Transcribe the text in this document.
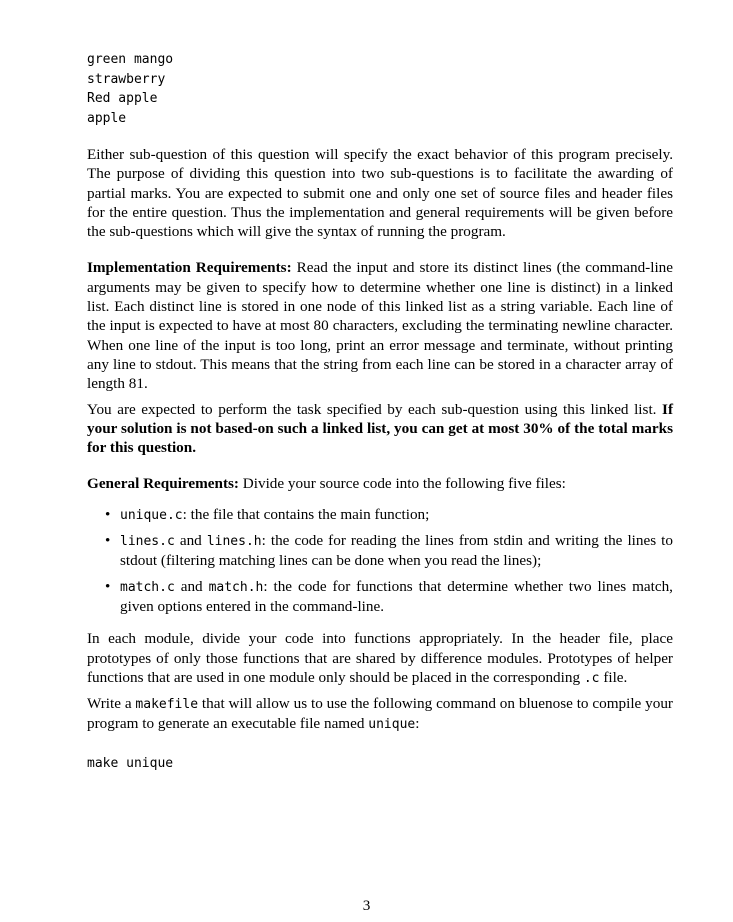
green mango
strawberry
Red apple
apple

Either sub-question of this question will specify the exact behavior of this program precisely. The purpose of dividing this question into two sub-questions is to facilitate the awarding of partial marks. You are expected to submit one and only one set of source files and header files for the entire question. Thus the implementation and general requirements will be given before the sub-questions which will give the syntax of running the program.

Implementation Requirements: Read the input and store its distinct lines (the command-line arguments may be given to specify how to determine whether one line is distinct) in a linked list. Each distinct line is stored in one node of this linked list as a string variable. Each line of the input is expected to have at most 80 characters, excluding the terminating newline character. When one line of the input is too long, print an error message and terminate, without printing any line to stdout. This means that the string from each line can be stored in a character array of length 81.

You are expected to perform the task specified by each sub-question using this linked list. If your solution is not based-on such a linked list, you can get at most 30% of the total marks for this question.

General Requirements: Divide your source code into the following five files:

• unique.c: the file that contains the main function;
• lines.c and lines.h: the code for reading the lines from stdin and writing the lines to stdout (filtering matching lines can be done when you read the lines);
• match.c and match.h: the code for functions that determine whether two lines match, given options entered in the command-line.

In each module, divide your code into functions appropriately. In the header file, place prototypes of only those functions that are shared by difference modules. Prototypes of helper functions that are used in one module only should be placed in the corresponding .c file.

Write a makefile that will allow us to use the following command on bluenose to compile your program to generate an executable file named unique:

make unique
3
